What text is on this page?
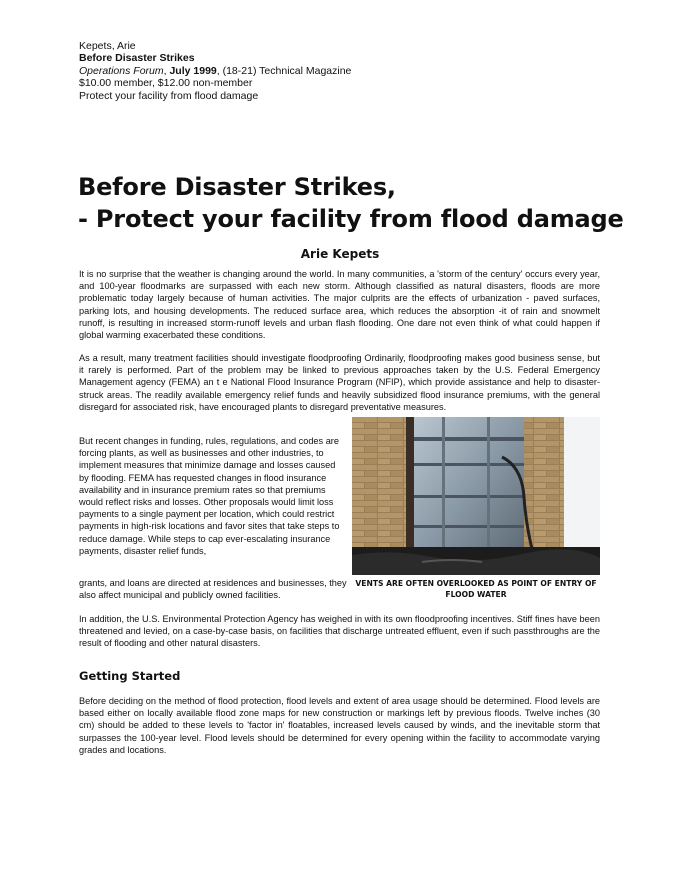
Kepets, Arie
Before Disaster Strikes
Operations Forum, July 1999, (18-21) Technical Magazine
$10.00 member, $12.00 non-member
Protect your facility from flood damage
Before Disaster Strikes,
- Protect your facility from flood damage
Arie Kepets

It is no surprise that the weather is changing around the world. In many communities, a 'storm of the century' occurs every year, and 100-year floodmarks are surpassed with each new storm. Although classified as natural disasters, floods are more problematic today largely because of human activities. The major culprits are the effects of urbanization - paved surfaces, parking lots, and housing developments. The reduced surface area, which reduces the absorption -it of rain and snowmelt runoff, is resulting in increased storm-runoff levels and urban flash flooding. One dare not even think of what could happen if global warming exacerbated these conditions.

As a result, many treatment facilities should investigate floodproofing Ordinarily, floodproofing makes good business sense, but it rarely is performed. Part of the problem may be linked to previous approaches taken by the U.S. Federal Emergency Management agency (FEMA) an t e National Flood Insurance Program (NFIP), which provide assistance and help to disaster-struck areas. The readily available emergency relief funds and heavily subsidized flood insurance premiums, with the general disregard for associated risk, have encouraged plants to disregard preventative measures.

But recent changes in funding, rules, regulations, and codes are forcing plants, as well as businesses and other industries, to implement measures that minimize damage and losses caused by flooding. FEMA has requested changes in flood insurance availability and in insurance premium rates so that premiums would reflect risks and losses. Other proposals would limit loss payments to a single payment per location, which could restrict payments in high-risk locations and favor sites that take steps to reduce damage. While steps to cap ever-escalating insurance payments, disaster relief funds,

VENTS ARE OFTEN OVERLOOKED AS POINT OF ENTRY OF FLOOD WATER

grants, and loans are directed at residences and businesses, they also affect municipal and publicly owned facilities.

In addition, the U.S. Environmental Protection Agency has weighed in with its own floodproofing incentives. Stiff fines have been threatened and levied, on a case-by-case basis, on facilities that discharge untreated effluent, even if such passthroughs are the result of flooding and other natural disasters.

Getting Started

Before deciding on the method of flood protection, flood levels and extent of area usage should be determined. Flood levels are based either on locally available flood zone maps for new construction or markings left by previous floods. Twelve inches (30 cm) should be added to these levels to 'factor in' floatables, increased levels caused by winds, and the inevitable storm that surpasses the 100-year level. Flood levels should be determined for every opening within the facility to accommodate varying grades and locations.
